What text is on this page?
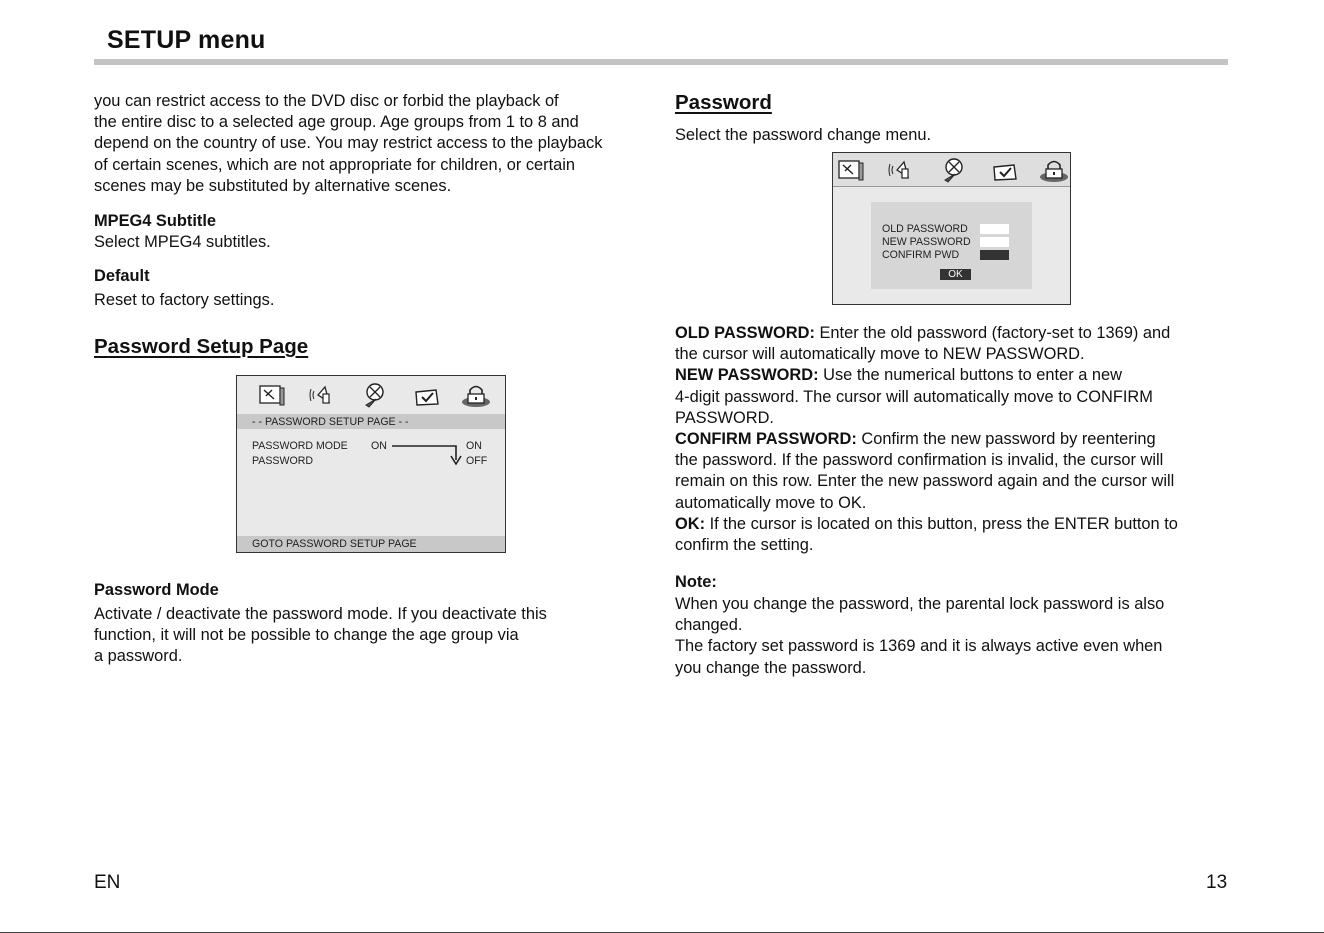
SETUP menu

you can restrict access to the DVD disc or forbid the playback of
the entire disc to a selected age group. Age groups from 1 to 8 and
depend on the country of use. You may restrict access to the playback
of certain scenes, which are not appropriate for children, or certain
scenes may be substituted by alternative scenes.

MPEG4 Subtitle

Select MPEG4 subtitles.

Default

Reset to factory settings.

Password Setup Page

- - PASSWORD SETUP PAGE - -
PASSWORD MODE ON
PASSWORD
ON
OFF
GOTO PASSWORD SETUP PAGE

Password Mode

Activate / deactivate the password mode. If you deactivate this
function, it will not be possible to change the age group via
a password.

Password

Select the password change menu.
OLD PASSWORD
NEW PASSWORD
CONFIRM PWD
OK

OLD PASSWORD: Enter the old password (factory-set to 1369) and
the cursor will automatically move to NEW PASSWORD.
NEW PASSWORD: Use the numerical buttons to enter a new
4-digit password. The cursor will automatically move to CONFIRM
PASSWORD.
CONFIRM PASSWORD: Confirm the new password by reentering
the password. If the password confirmation is invalid, the cursor will
remain on this row. Enter the new password again and the cursor will
automatically move to OK.
OK: If the cursor is located on this button, press the ENTER button to
confirm the setting.

Note:

When you change the password, the parental lock password is also
changed.
The factory set password is 1369 and it is always active even when
you change the password.

EN	13
